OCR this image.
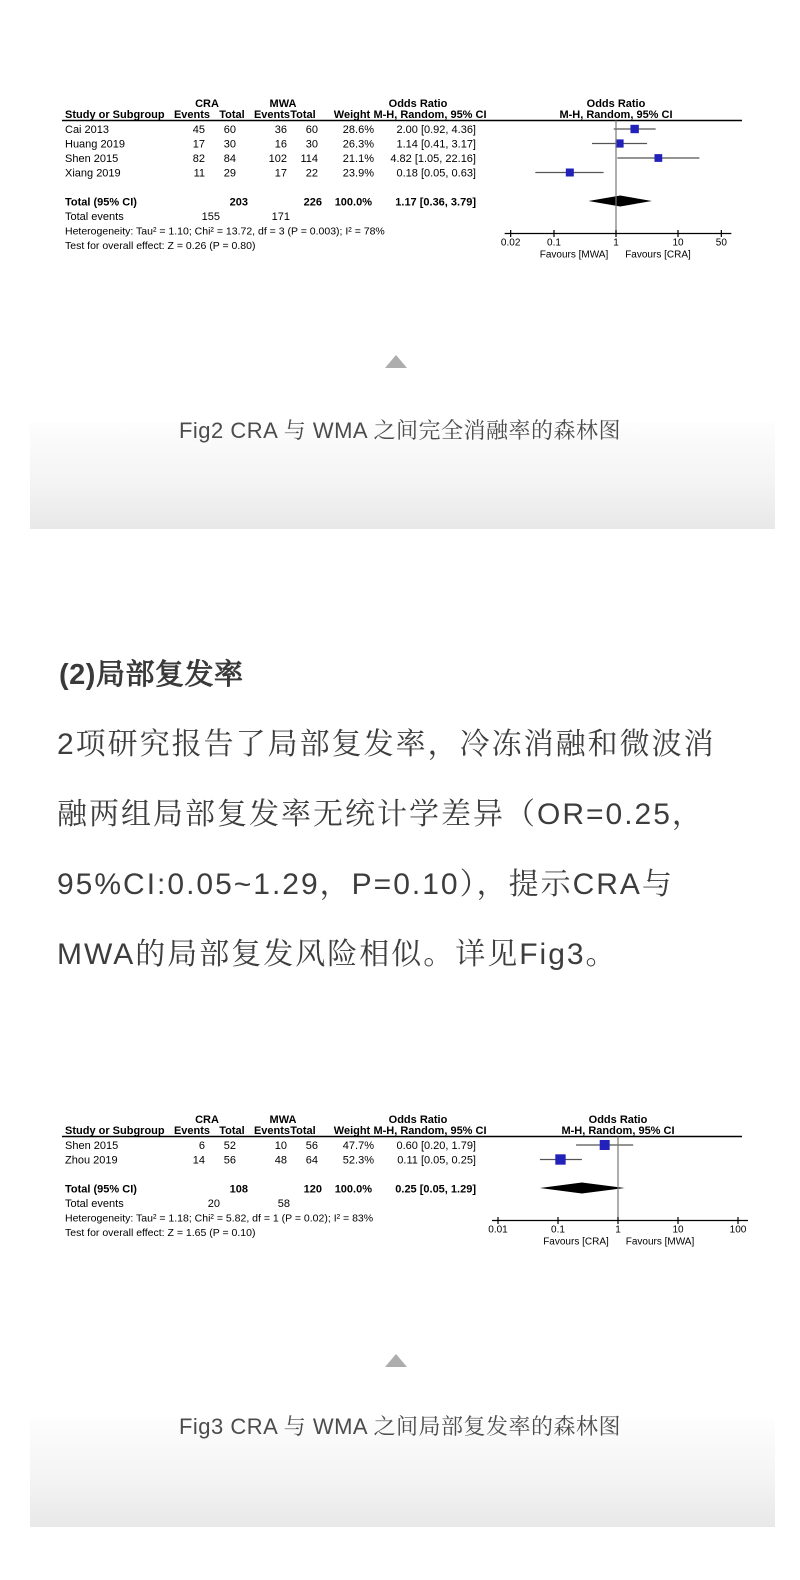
CRA	MWA	Odds Ratio	Odds Ratio
Study or Subgroup Events Total Events Total Weight M-H, Random, 95% CI	M-H, Random, 95% CI
Cai 2013	45 60	36 60 28.6% 2.00 [0.92, 4.36]
Huang 2019	17 30	16 30 26.3% 1.14 [0.41, 3.17]
Shen 2015	82 84	102 114 21.1% 4.82 [1.05, 22.16]
Xiang 2019	11 29	17 22 23.9% 0.18 [0.05, 0.63]
Total (95% CI)	203	226 100.0% 1.17 [0.36, 3.79]
Total events	155	171
Heterogeneity: Tau² = 1.10; Chi² = 13.72, df = 3 (P = 0.003); I² = 78%
Test for overall effect: Z = 0.26 (P = 0.80)	0.02	0.1	1	10	50
Favours [MWA] Favours [CRA]
Fig2 CRA 与 WMA 之间完全消融率的森林图
(2)局部复发率
2项研究报告了局部复发率，冷冻消融和微波消
融两组局部复发率无统计学差异（OR=0.25，
95%CI:0.05~1.29，P=0.10），提示CRA与
MWA的局部复发风险相似。详见Fig3。
CRA	MWA	Odds Ratio	Odds Ratio
Study or Subgroup Events Total Events Total Weight M-H, Random, 95% CI	M-H, Random, 95% CI
Shen 2015	6 52	10 56 47.7% 0.60 [0.20, 1.79]
Zhou 2019	14 56	48 64 52.3% 0.11 [0.05, 0.25]
Total (95% CI)	108	120 100.0% 0.25 [0.05, 1.29]
Total events	20	58
Heterogeneity: Tau² = 1.18; Chi² = 5.82, df = 1 (P = 0.02); I² = 83%
Test for overall effect: Z = 1.65 (P = 0.10)	0.01	0.1	1	10	100
Favours [CRA] Favours [MWA]
Fig3 CRA 与 WMA 之间局部复发率的森林图
